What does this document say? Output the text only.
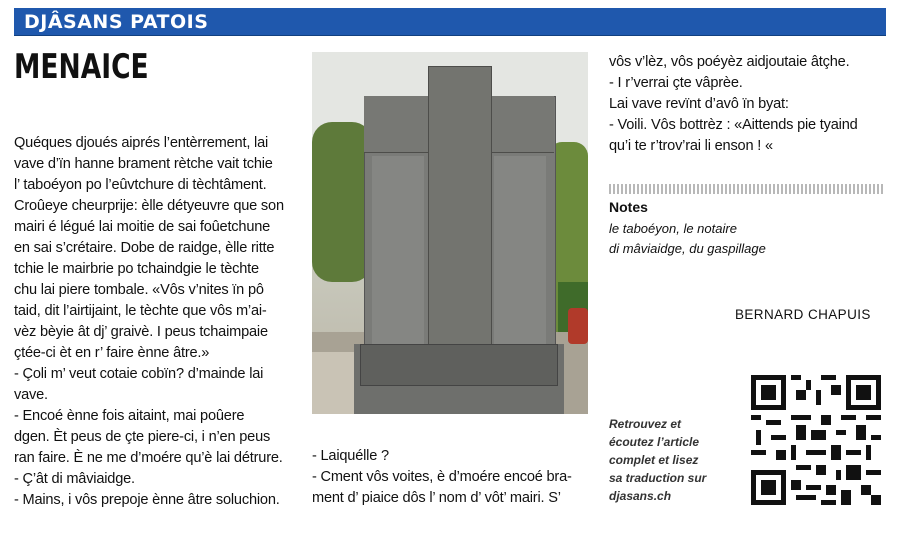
DJÂSANS PATOIS
MENAICE

Quéques djoués aiprés l’entèrrement, lai

vave d’ïn hanne brament rètche vait tchie

l’ taboéyon po l’eûvtchure di tèchtâment.

Croûeye cheurprije: èlle détyeuvre que son

mairi é légué lai moitie de sai foûetchune

en sai s’crétaire. Dobe de raidge, èlle ritte

tchie le mairbrie po tchaindgie le tèchte

chu lai piere tombale. «Vôs v’nites ïn pô

taid, dit l’airtijaint, le tèchte que vôs m’ai-

vèz bèyie ât dj’ graivè. I peus tchaimpaie

çtée-ci èt en r’ faire ènne âtre.»

- Çoli m’ veut cotaie cobïn? d’mainde lai

vave.

- Encoé ènne fois aitaint, mai poûere

dgen. Èt peus de çte piere-ci, i n’en peus

ran faire. È ne me d’moére qu’è lai détrure.

- Ç’ât di mâviaidge.

- Mains, i vôs prepoje ènne âtre soluchion.

- Laiquélle ?

- Cment vôs voites, è d’moére encoé bra-

ment d’ piaice dôs l’ nom d’ vôt’ mairi. S’

vôs v’lèz, vôs poéyèz aidjoutaie âtçhe.

- I r’verrai çte vâprèe.

Lai vave revïnt d’avô ïn byat:

- Voili. Vôs bottrèz : «Aittends pie tyaind

qu’i te r’trov’rai li enson ! «

Notes
le taboéyon, le notaire
di mâviaidge, du gaspillage
BERNARD CHAPUIS
Retrouvez et
écoutez l’article
complet et lisez
sa traduction sur
djasans.ch
